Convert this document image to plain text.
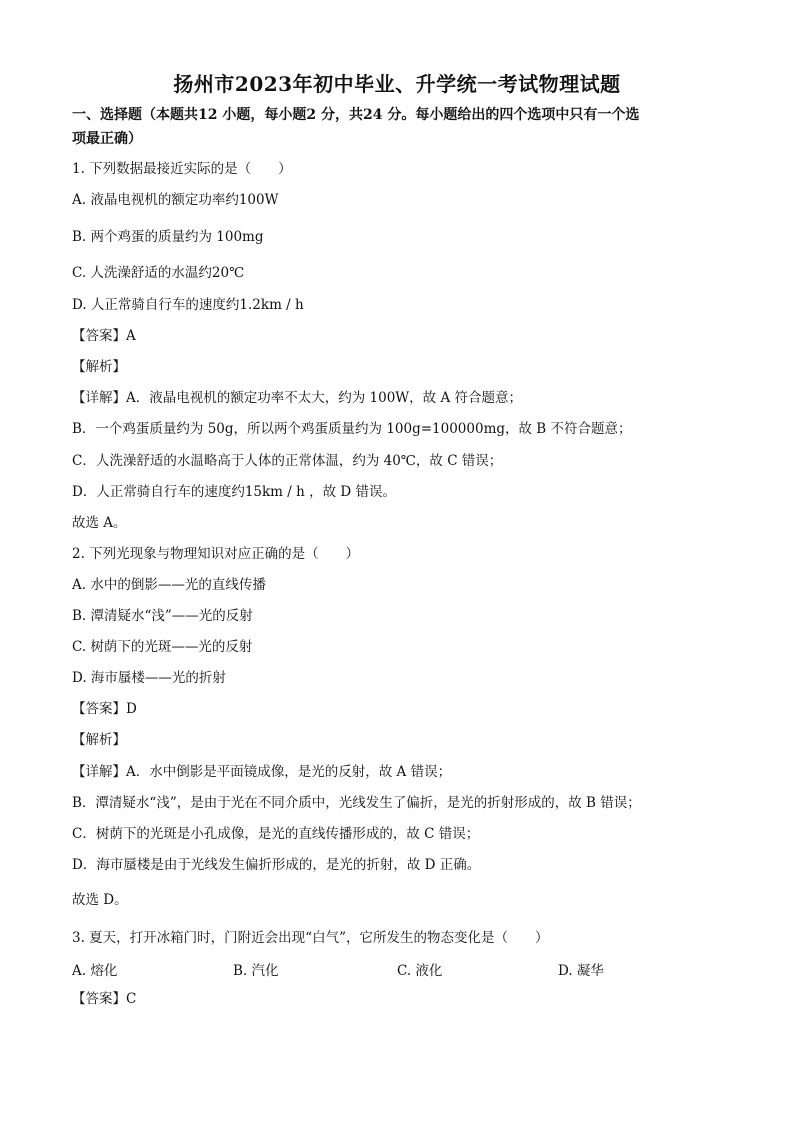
扬州市2023年初中毕业、升学统一考试物理试题
一、选择题（本题共12 小题，每小题2 分，共24 分。每小题给出的四个选项中只有一个选
项最正确）
1. 下列数据最接近实际的是（　　）
A. 液晶电视机的额定功率约100W
B. 两个鸡蛋的质量约为 100mg
C. 人洗澡舒适的水温约20℃
D. 人正常骑自行车的速度约1.2km / h
【答案】A
【解析】
【详解】A．液晶电视机的额定功率不太大，约为 100W，故 A 符合题意；
B．一个鸡蛋质量约为 50g，所以两个鸡蛋质量约为 100g=100000mg，故 B 不符合题意；
C．人洗澡舒适的水温略高于人体的正常体温，约为 40℃，故 C 错误；
D．人正常骑自行车的速度约15km / h ，故 D 错误。
故选 A。
2. 下列光现象与物理知识对应正确的是（　　）
A. 水中的倒影——光的直线传播
B. 潭清疑水“浅”——光的反射
C. 树荫下的光斑——光的反射
D. 海市蜃楼——光的折射
【答案】D
【解析】
【详解】A．水中倒影是平面镜成像，是光的反射，故 A 错误；
B．潭清疑水“浅”，是由于光在不同介质中，光线发生了偏折，是光的折射形成的，故 B 错误；
C．树荫下的光斑是小孔成像，是光的直线传播形成的，故 C 错误；
D．海市蜃楼是由于光线发生偏折形成的，是光的折射，故 D 正确。
故选 D。
3. 夏天，打开冰箱门时，门附近会出现“白气”，它所发生的物态变化是（　　）
A. 熔化	B. 汽化	C. 液化	D. 凝华
【答案】C
